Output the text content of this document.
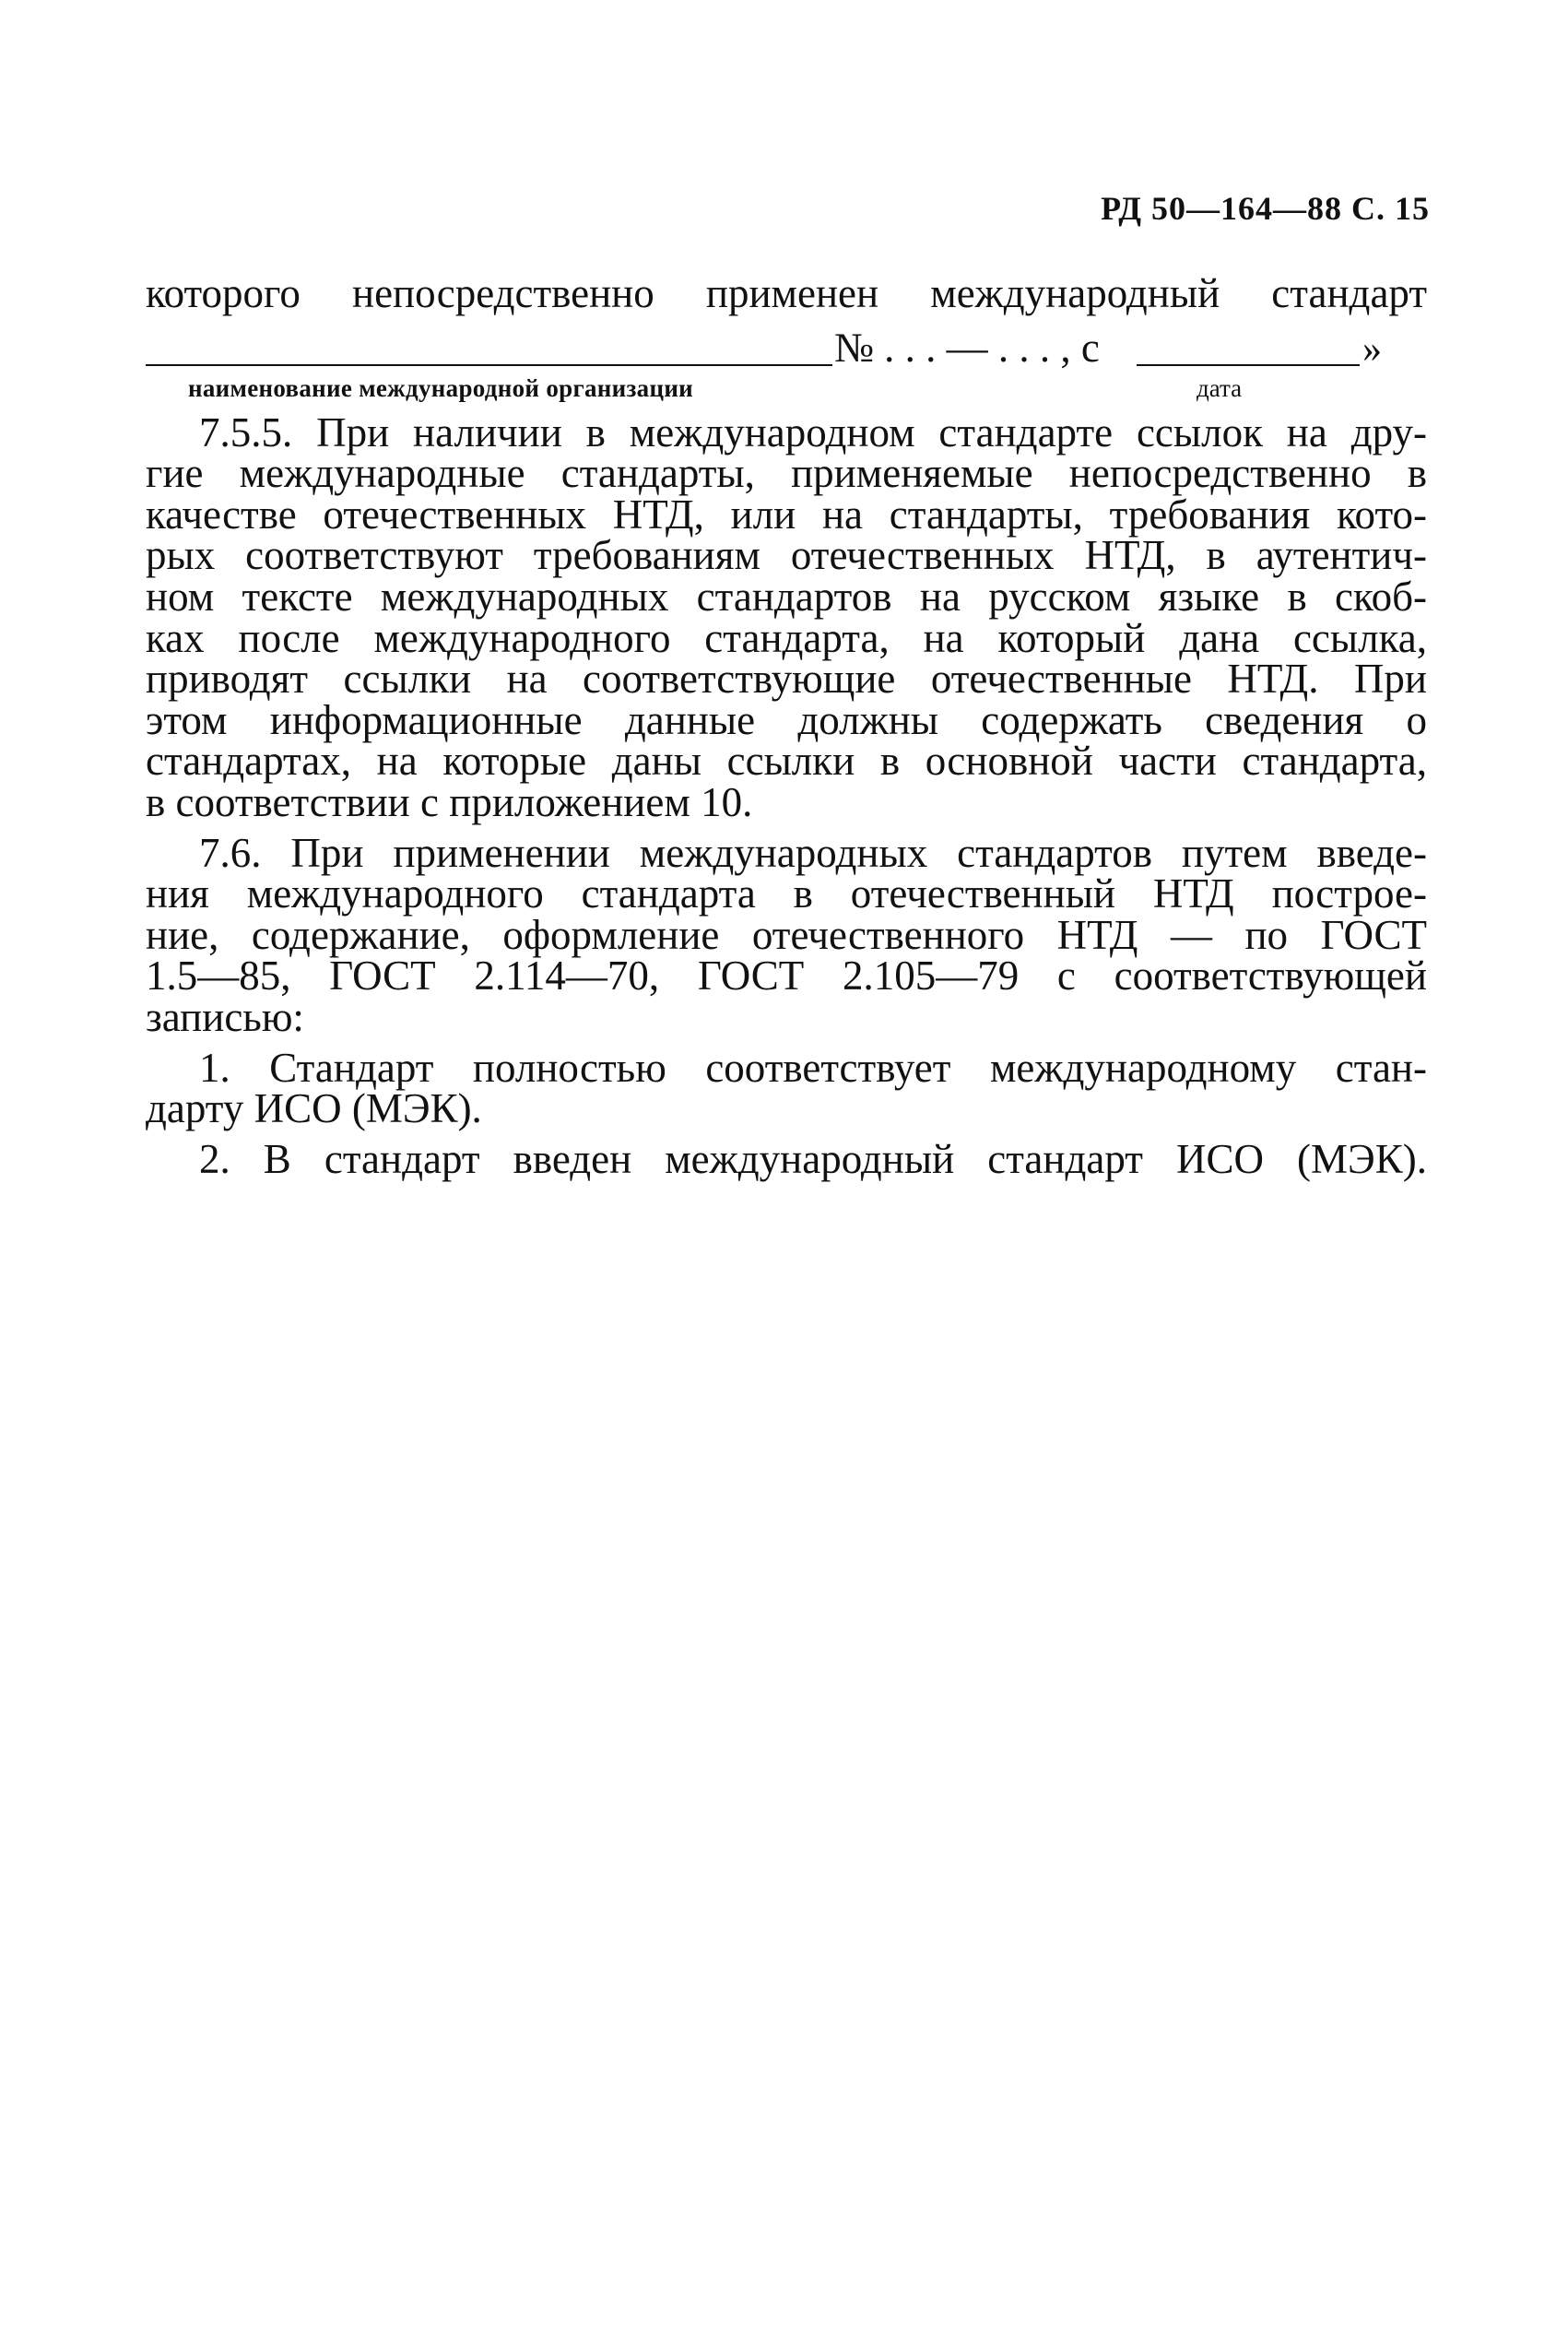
РД 50—164—88 С. 15
которого непосредственно применен международный стандарт
№ . . . — . . . , с	»
наименование международной организации	дата
7.5.5. При наличии в международном стандарте ссылок на дру-
гие международные стандарты, применяемые непосредственно в
качестве отечественных НТД, или на стандарты, требования кото-
рых соответствуют требованиям отечественных НТД, в аутентич-
ном тексте международных стандартов на русском языке в скоб-
ках после международного стандарта, на который дана ссылка,
приводят ссылки на соответствующие отечественные НТД. При
этом информационные данные должны содержать сведения о
стандартах, на которые даны ссылки в основной части стандарта,
в соответствии с приложением 10.
7.6. При применении международных стандартов путем введе-
ния международного стандарта в отечественный НТД построе-
ние, содержание, оформление отечественного НТД — по ГОСТ
1.5—85, ГОСТ 2.114—70, ГОСТ 2.105—79 с соответствующей
записью:
1. Стандарт полностью соответствует международному стан-
дарту ИСО (МЭК).
2. В стандарт введен международный стандарт ИСО (МЭК).
